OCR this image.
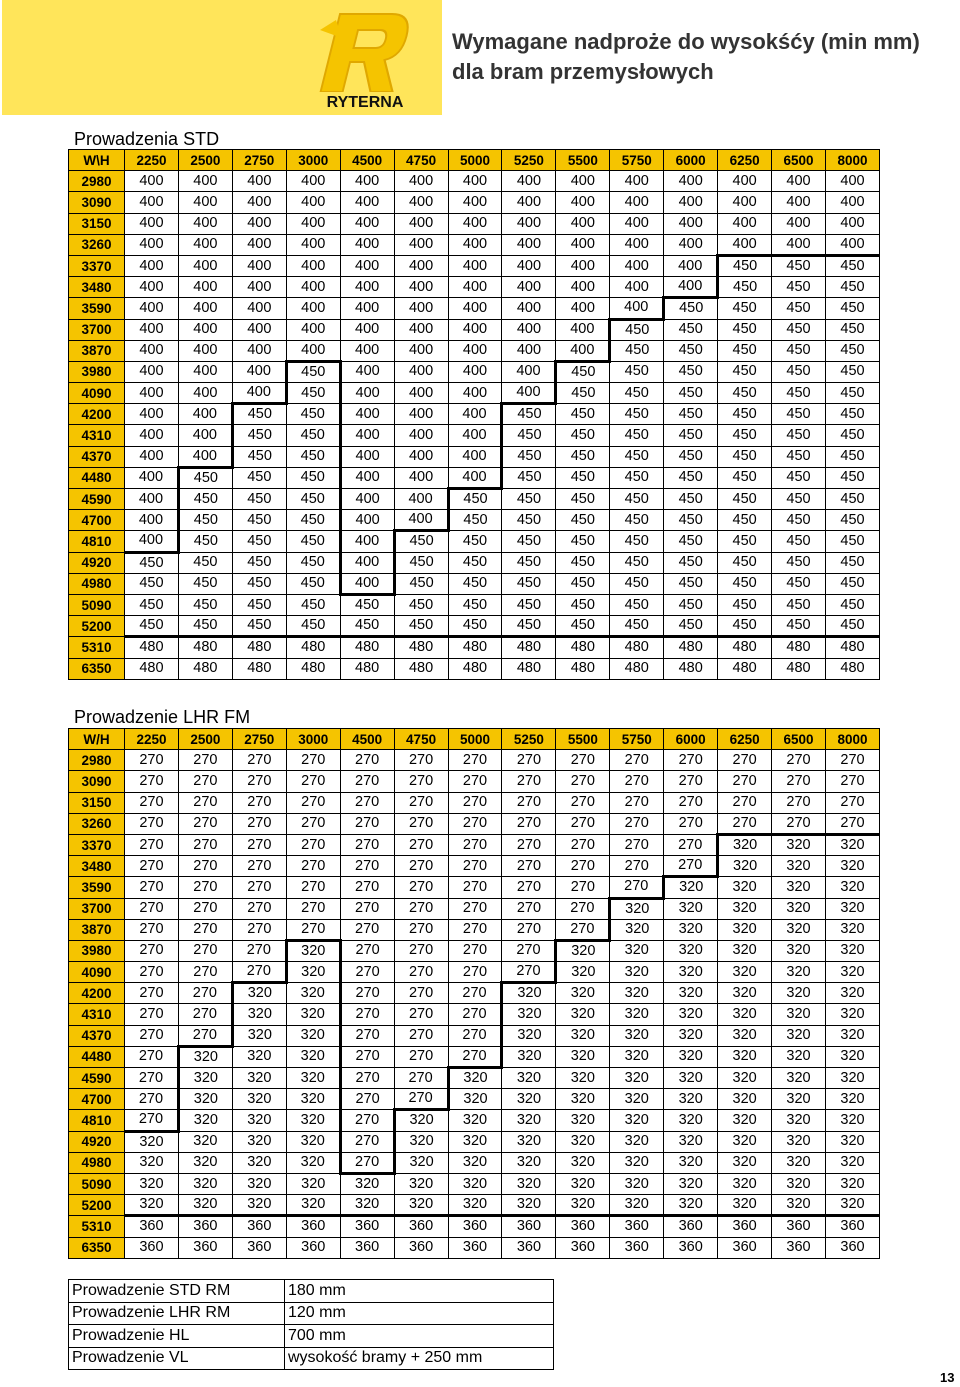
RYTERNA
Wymagane nadproże do wysokśćy (min mm) dla bram przemysłowych
Prowadzenia STD
W\H	2250	2500	2750	3000	4500	4750	5000	5250	5500	5750	6000	6250	6500	8000
2980	400	400	400	400	400	400	400	400	400	400	400	400	400	400
3090	400	400	400	400	400	400	400	400	400	400	400	400	400	400
3150	400	400	400	400	400	400	400	400	400	400	400	400	400	400
3260	400	400	400	400	400	400	400	400	400	400	400	400	400	400
3370	400	400	400	400	400	400	400	400	400	400	400	450	450	450
3480	400	400	400	400	400	400	400	400	400	400	400	450	450	450
3590	400	400	400	400	400	400	400	400	400	400	450	450	450	450
3700	400	400	400	400	400	400	400	400	400	450	450	450	450	450
3870	400	400	400	400	400	400	400	400	400	450	450	450	450	450
3980	400	400	400	450	400	400	400	400	450	450	450	450	450	450
4090	400	400	400	450	400	400	400	400	450	450	450	450	450	450
4200	400	400	450	450	400	400	400	450	450	450	450	450	450	450
4310	400	400	450	450	400	400	400	450	450	450	450	450	450	450
4370	400	400	450	450	400	400	400	450	450	450	450	450	450	450
4480	400	450	450	450	400	400	400	450	450	450	450	450	450	450
4590	400	450	450	450	400	400	450	450	450	450	450	450	450	450
4700	400	450	450	450	400	400	450	450	450	450	450	450	450	450
4810	400	450	450	450	400	450	450	450	450	450	450	450	450	450
4920	450	450	450	450	400	450	450	450	450	450	450	450	450	450
4980	450	450	450	450	400	450	450	450	450	450	450	450	450	450
5090	450	450	450	450	450	450	450	450	450	450	450	450	450	450
5200	450	450	450	450	450	450	450	450	450	450	450	450	450	450
5310	480	480	480	480	480	480	480	480	480	480	480	480	480	480
6350	480	480	480	480	480	480	480	480	480	480	480	480	480	480
Prowadzenie LHR FM
W/H	2250	2500	2750	3000	4500	4750	5000	5250	5500	5750	6000	6250	6500	8000
2980	270	270	270	270	270	270	270	270	270	270	270	270	270	270
3090	270	270	270	270	270	270	270	270	270	270	270	270	270	270
3150	270	270	270	270	270	270	270	270	270	270	270	270	270	270
3260	270	270	270	270	270	270	270	270	270	270	270	270	270	270
3370	270	270	270	270	270	270	270	270	270	270	270	320	320	320
3480	270	270	270	270	270	270	270	270	270	270	270	320	320	320
3590	270	270	270	270	270	270	270	270	270	270	320	320	320	320
3700	270	270	270	270	270	270	270	270	270	320	320	320	320	320
3870	270	270	270	270	270	270	270	270	270	320	320	320	320	320
3980	270	270	270	320	270	270	270	270	320	320	320	320	320	320
4090	270	270	270	320	270	270	270	270	320	320	320	320	320	320
4200	270	270	320	320	270	270	270	320	320	320	320	320	320	320
4310	270	270	320	320	270	270	270	320	320	320	320	320	320	320
4370	270	270	320	320	270	270	270	320	320	320	320	320	320	320
4480	270	320	320	320	270	270	270	320	320	320	320	320	320	320
4590	270	320	320	320	270	270	320	320	320	320	320	320	320	320
4700	270	320	320	320	270	270	320	320	320	320	320	320	320	320
4810	270	320	320	320	270	320	320	320	320	320	320	320	320	320
4920	320	320	320	320	270	320	320	320	320	320	320	320	320	320
4980	320	320	320	320	270	320	320	320	320	320	320	320	320	320
5090	320	320	320	320	320	320	320	320	320	320	320	320	320	320
5200	320	320	320	320	320	320	320	320	320	320	320	320	320	320
5310	360	360	360	360	360	360	360	360	360	360	360	360	360	360
6350	360	360	360	360	360	360	360	360	360	360	360	360	360	360
Prowadzenie STD RM	180 mm
Prowadzenie LHR RM	120 mm
Prowadzenie HL	700 mm
Prowadzenie VL	wysokość bramy + 250 mm
13
